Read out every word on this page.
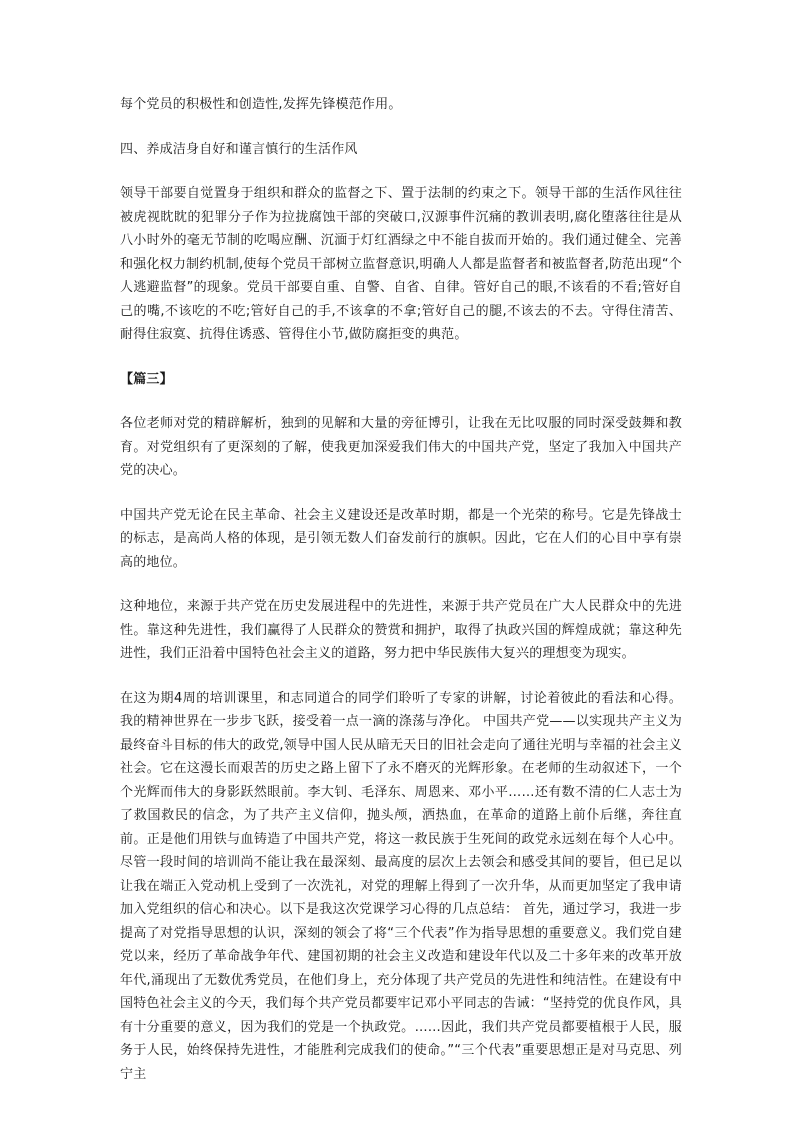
每个党员的积极性和创造性,发挥先锋模范作用。

四、养成洁身自好和谨言慎行的生活作风

领导干部要自觉置身于组织和群众的监督之下、置于法制的约束之下。领导干部的生活作风往往被虎视眈眈的犯罪分子作为拉拢腐蚀干部的突破口,汉源事件沉痛的教训表明,腐化堕落往往是从八小时外的毫无节制的吃喝应酬、沉湎于灯红酒绿之中不能自拔而开始的。我们通过健全、完善和强化权力制约机制,使每个党员干部树立监督意识,明确人人都是监督者和被监督者,防范出现“个人逃避监督”的现象。党员干部要自重、自警、自省、自律。管好自己的眼,不该看的不看;管好自己的嘴,不该吃的不吃;管好自己的手,不该拿的不拿;管好自己的腿,不该去的不去。守得住清苦、耐得住寂寞、抗得住诱惑、管得住小节,做防腐拒变的典范。

【篇三】

各位老师对党的精辟解析，独到的见解和大量的旁征博引，让我在无比叹服的同时深受鼓舞和教育。对党组织有了更深刻的了解，使我更加深爱我们伟大的中国共产党，坚定了我加入中国共产党的决心。

中国共产党无论在民主革命、社会主义建设还是改革时期，都是一个光荣的称号。它是先锋战士的标志，是高尚人格的体现，是引领无数人们奋发前行的旗帜。因此，它在人们的心目中享有崇高的地位。

这种地位，来源于共产党在历史发展进程中的先进性，来源于共产党员在广大人民群众中的先进性。靠这种先进性，我们赢得了人民群众的赞赏和拥护，取得了执政兴国的辉煌成就；靠这种先进性，我们正沿着中国特色社会主义的道路，努力把中华民族伟大复兴的理想变为现实。

在这为期4周的培训课里，和志同道合的同学们聆听了专家的讲解，讨论着彼此的看法和心得。我的精神世界在一步步飞跃，接受着一点一滴的涤荡与净化。 中国共产党——以实现共产主义为最终奋斗目标的伟大的政党,领导中国人民从暗无天日的旧社会走向了通往光明与幸福的社会主义社会。它在这漫长而艰苦的历史之路上留下了永不磨灭的光辉形象。在老师的生动叙述下，一个个光辉而伟大的身影跃然眼前。李大钊、毛泽东、周恩来、邓小平……还有数不清的仁人志士为了救国救民的信念，为了共产主义信仰，抛头颅，洒热血，在革命的道路上前仆后继，奔往直前。正是他们用铁与血铸造了中国共产党，将这一救民族于生死间的政党永远刻在每个人心中。尽管一段时间的培训尚不能让我在最深刻、最高度的层次上去领会和感受其间的要旨，但已足以让我在端正入党动机上受到了一次洗礼，对党的理解上得到了一次升华，从而更加坚定了我申请加入党组织的信心和决心。以下是我这次党课学习心得的几点总结： 首先，通过学习，我进一步提高了对党指导思想的认识，深刻的领会了将“三个代表”作为指导思想的重要意义。我们党自建党以来，经历了革命战争年代、建国初期的社会主义改造和建设年代以及二十多年来的改革开放年代,涌现出了无数优秀党员，在他们身上，充分体现了共产党员的先进性和纯洁性。在建设有中国特色社会主义的今天，我们每个共产党员都要牢记邓小平同志的告诫：“坚持党的优良作风，具有十分重要的意义，因为我们的党是一个执政党。……因此，我们共产党员都要植根于人民，服务于人民，始终保持先进性，才能胜利完成我们的使命。”“三个代表”重要思想正是对马克思、列宁主
